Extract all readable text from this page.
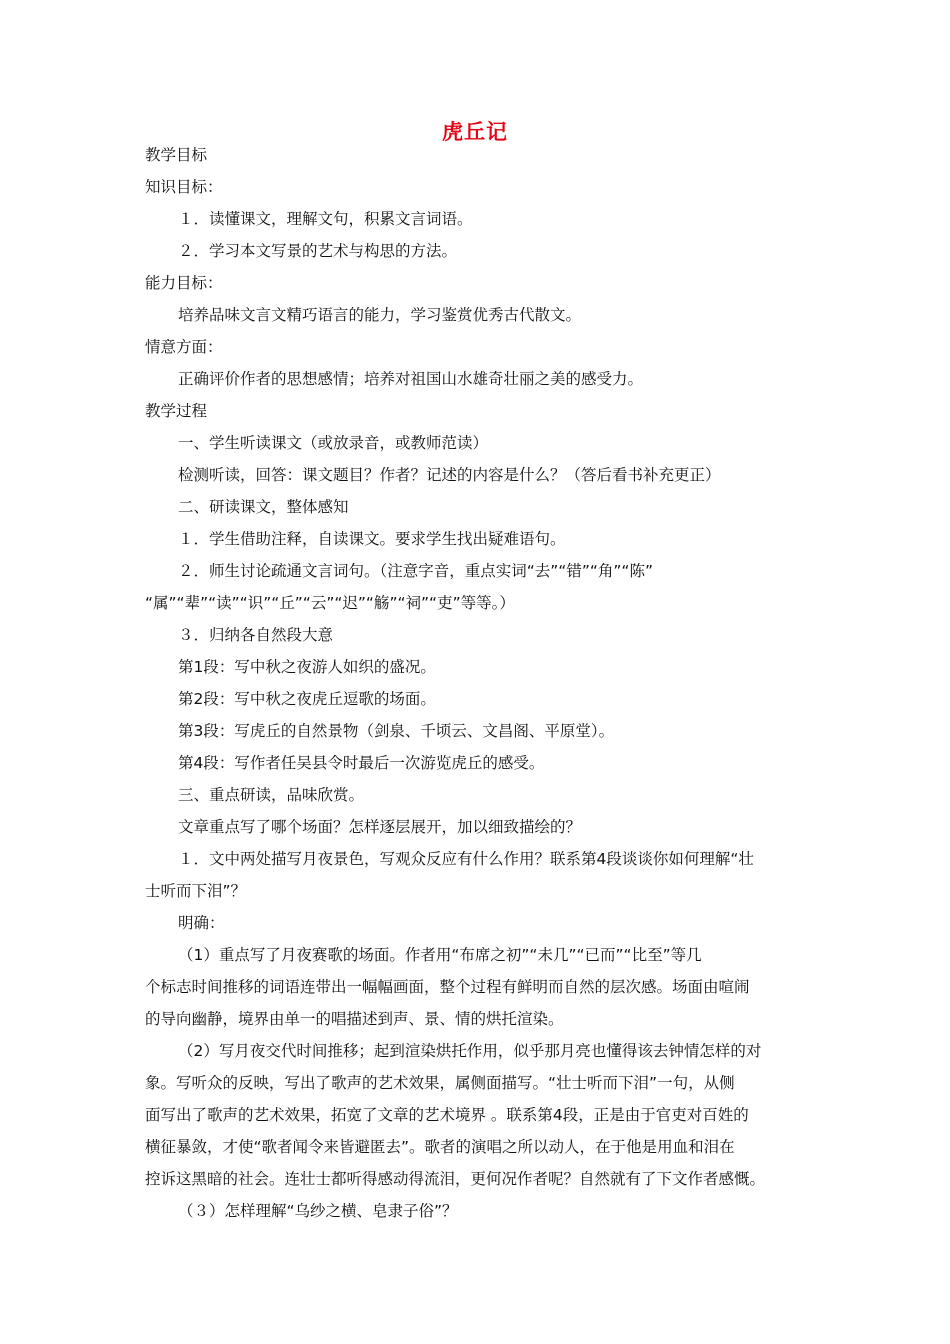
虎丘记
教学目标
知识目标：
１．读懂课文，理解文句，积累文言词语。
２．学习本文写景的艺术与构思的方法。
能力目标：
培养品味文言文精巧语言的能力，学习鉴赏优秀古代散文。
情意方面：
正确评价作者的思想感情；培养对祖国山水雄奇壮丽之美的感受力。
教学过程
一、学生听读课文（或放录音，或教师范读）
检测听读，回答：课文题目？作者？记述的内容是什么？（答后看书补充更正）
二、研读课文，整体感知
１．学生借助注释，自读课文。要求学生找出疑难语句。
２．师生讨论疏通文言词句。（注意字音，重点实词“去”“错”“角”“陈”
“属”“辈”“读”“识”“丘”“云”“迟”“觞”“祠”“吏”等等。）
３．归纳各自然段大意
第1段：写中秋之夜游人如织的盛况。
第2段：写中秋之夜虎丘逗歌的场面。
第3段：写虎丘的自然景物（剑泉、千顷云、文昌阁、平原堂）。
第4段：写作者任吴县令时最后一次游览虎丘的感受。
三、重点研读，品味欣赏。
文章重点写了哪个场面？怎样逐层展开，加以细致描绘的？
１．文中两处描写月夜景色，写观众反应有什么作用？联系第4段谈谈你如何理解“壮
士听而下泪”？
明确：
（1）重点写了月夜赛歌的场面。作者用“布席之初”“未几”“已而”“比至”等几
个标志时间推移的词语连带出一幅幅画面，整个过程有鲜明而自然的层次感。场面由喧闹
的导向幽静，境界由单一的唱描述到声、景、情的烘托渲染。
（2）写月夜交代时间推移；起到渲染烘托作用，似乎那月亮也懂得该去钟情怎样的对
象。写听众的反映，写出了歌声的艺术效果，属侧面描写。“壮士听而下泪”一句，从侧
面写出了歌声的艺术效果，拓宽了文章的艺术境界 。联系第4段，正是由于官吏对百姓的
横征暴敛，才使“歌者闻令来皆避匿去”。歌者的演唱之所以动人，在于他是用血和泪在
控诉这黑暗的社会。连壮士都听得感动得流泪，更何况作者呢？自然就有了下文作者感慨。
（３）怎样理解“乌纱之横、皂隶子俗”？
